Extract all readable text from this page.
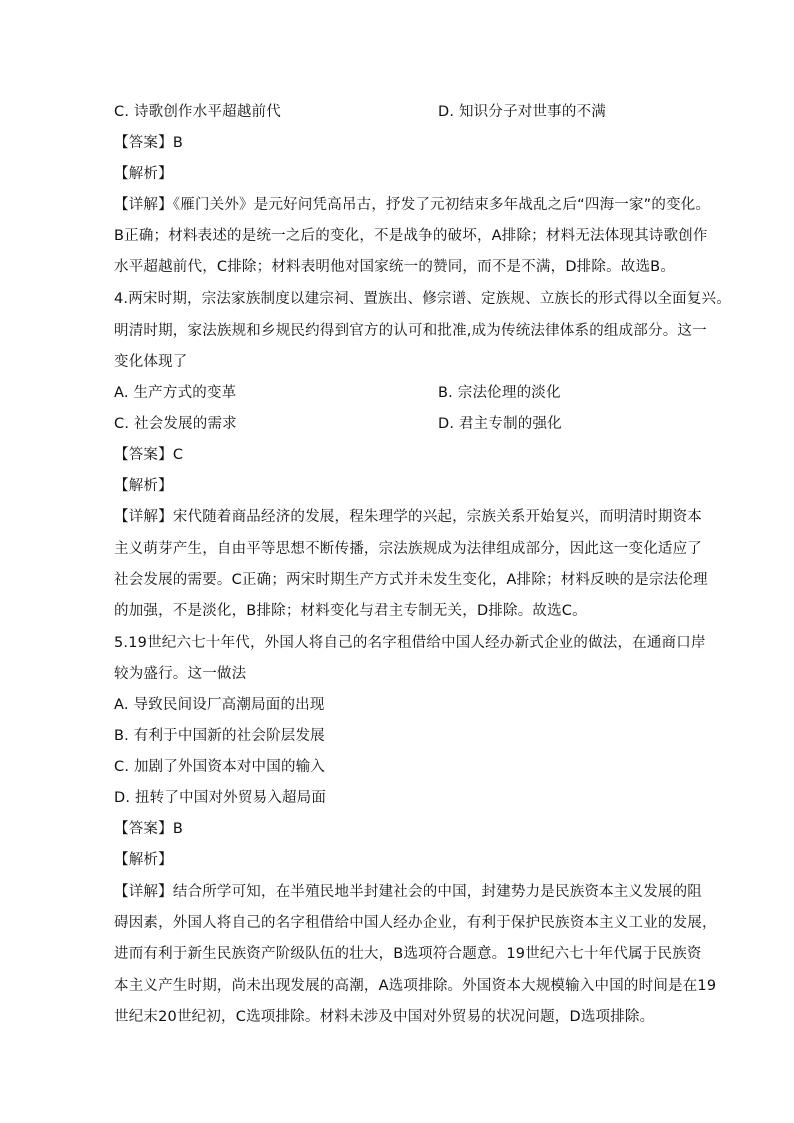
C. 诗歌创作水平超越前代	D. 知识分子对世事的不满
【答案】B
【解析】
【详解】《雁门关外》是元好问凭高吊古，抒发了元初结束多年战乱之后“四海一家”的变化。
B正确；材料表述的是统一之后的变化，不是战争的破坏，A排除；材料无法体现其诗歌创作
水平超越前代，C排除；材料表明他对国家统一的赞同，而不是不满，D排除。故选B。
4.两宋时期，宗法家族制度以建宗祠、置族出、修宗谱、定族规、立族长的形式得以全面复兴。
明清时期，家法族规和乡规民约得到官方的认可和批准,成为传统法律体系的组成部分。这一
变化体现了
A. 生产方式的变革	B. 宗法伦理的淡化
C. 社会发展的需求	D. 君主专制的强化
【答案】C
【解析】
【详解】宋代随着商品经济的发展，程朱理学的兴起，宗族关系开始复兴，而明清时期资本
主义萌芽产生，自由平等思想不断传播，宗法族规成为法律组成部分，因此这一变化适应了
社会发展的需要。C正确；两宋时期生产方式并未发生变化，A排除；材料反映的是宗法伦理
的加强，不是淡化，B排除；材料变化与君主专制无关，D排除。故选C。
5.19世纪六七十年代，外国人将自己的名字租借给中国人经办新式企业的做法，在通商口岸
较为盛行。这一做法
A. 导致民间设厂高潮局面的出现
B. 有利于中国新的社会阶层发展
C. 加剧了外国资本对中国的输入
D. 扭转了中国对外贸易入超局面
【答案】B
【解析】
【详解】结合所学可知，在半殖民地半封建社会的中国，封建势力是民族资本主义发展的阻
碍因素，外国人将自己的名字租借给中国人经办企业，有利于保护民族资本主义工业的发展，
进而有利于新生民族资产阶级队伍的壮大，B选项符合题意。19世纪六七十年代属于民族资
本主义产生时期，尚未出现发展的高潮，A选项排除。外国资本大规模输入中国的时间是在19
世纪末20世纪初，C选项排除。材料未涉及中国对外贸易的状况问题，D选项排除。
